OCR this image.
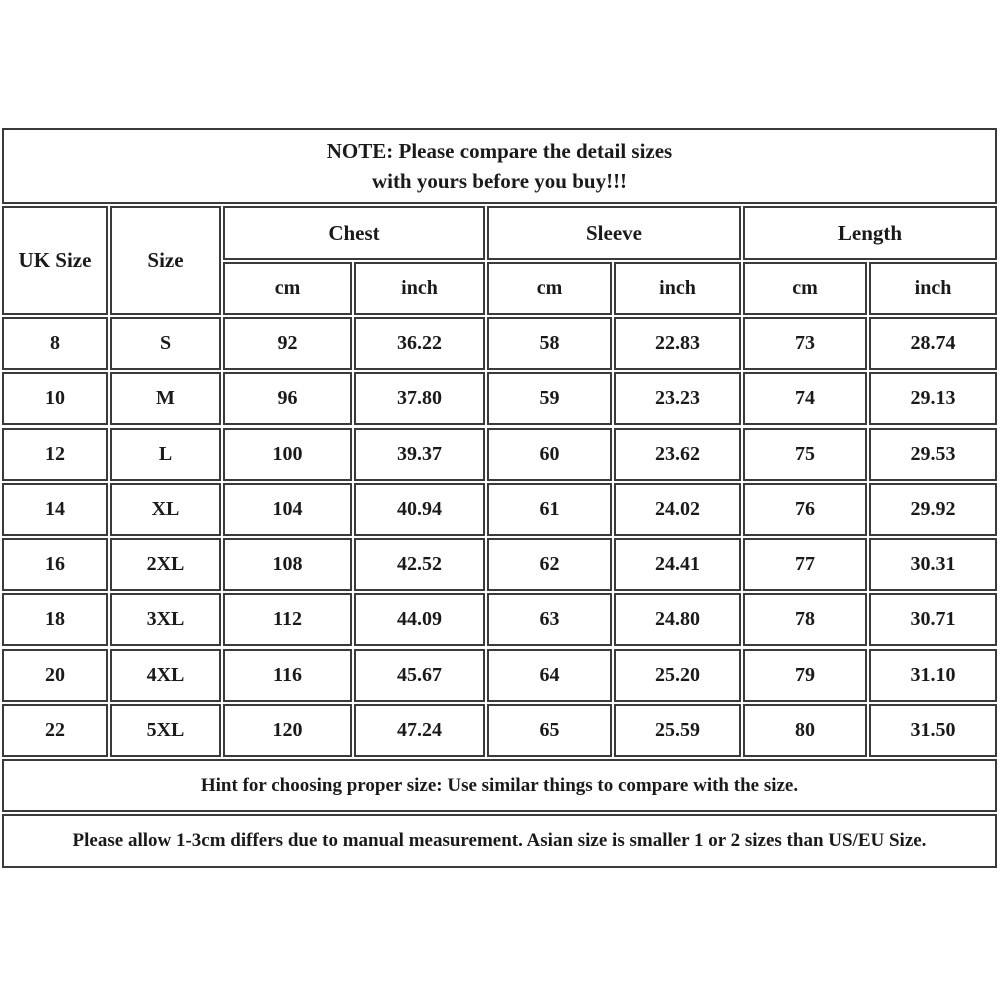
NOTE: Please compare the detail sizes
with yours before you buy!!!
UK Size	Size
Chest	Sleeve	Length
cm	inch	cm	inch	cm	inch
8	S	92	36.22	58	22.83	73	28.74
10	M	96	37.80	59	23.23	74	29.13
12	L	100	39.37	60	23.62	75	29.53
14	XL	104	40.94	61	24.02	76	29.92
16	2XL	108	42.52	62	24.41	77	30.31
18	3XL	112	44.09	63	24.80	78	30.71
20	4XL	116	45.67	64	25.20	79	31.10
22	5XL	120	47.24	65	25.59	80	31.50
Hint for choosing proper size: Use similar things to compare with the size.
Please allow 1-3cm differs due to manual measurement. Asian size is smaller 1 or 2 sizes than US/EU Size.
